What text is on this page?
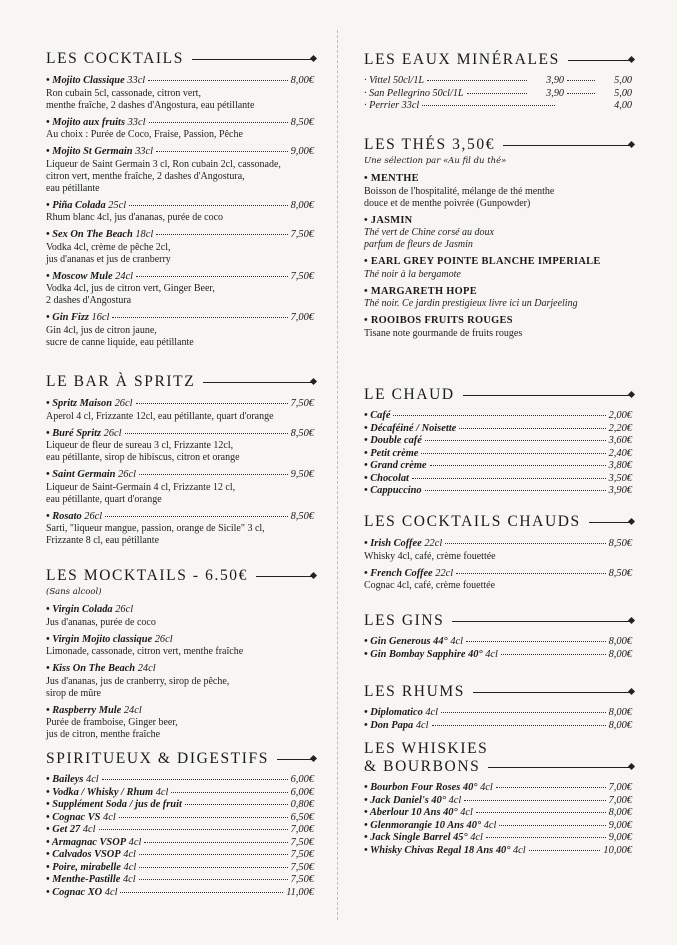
LES COCKTAILS
• Mojito Classique 33cl	8,00€
Ron cubain 5cl, cassonade, citron vert,
menthe fraîche, 2 dashes d'Angostura, eau pétillante
• Mojito aux fruits 33cl	8,50€
Au choix : Purée de Coco, Fraise, Passion, Pêche
• Mojito St Germain 33cl	9,00€
Liqueur de Saint Germain 3 cl, Ron cubain 2cl, cassonade,
citron vert, menthe fraîche, 2 dashes d'Angostura,
eau pétillante
• Piña Colada 25cl	8,00€
Rhum blanc 4cl, jus d'ananas, purée de coco
• Sex On The Beach 18cl	7,50€
Vodka 4cl, crème de pêche 2cl,
jus d'ananas et jus de cranberry
• Moscow Mule 24cl	7,50€
Vodka 4cl, jus de citron vert, Ginger Beer,
2 dashes d'Angostura
• Gin Fizz 16cl	7,00€
Gin 4cl, jus de citron jaune,
sucre de canne liquide, eau pétillante
LE BAR À SPRITZ
• Spritz Maison 26cl	7,50€
Aperol 4 cl, Frizzante 12cl, eau pétillante, quart d'orange
• Buré Spritz 26cl	8,50€
Liqueur de fleur de sureau 3 cl, Frizzante 12cl,
eau pétillante, sirop de hibiscus, citron et orange
• Saint Germain 26cl	9,50€
Liqueur de Saint-Germain 4 cl, Frizzante 12 cl,
eau pétillante, quart d'orange
• Rosato 26cl	8,50€
Sarti, "liqueur mangue, passion, orange de Sicile" 3 cl,
Frizzante 8 cl, eau pétillante
LES MOCKTAILS - 6.50€
(Sans alcool)
• Virgin Colada 26cl
Jus d'ananas, purée de coco
• Virgin Mojito classique 26cl
Limonade, cassonade, citron vert, menthe fraîche
• Kiss On The Beach 24cl
Jus d'ananas, jus de cranberry, sirop de pêche,
sirop de mûre
• Raspberry Mule 24cl
Purée de framboise, Ginger beer,
jus de citron, menthe fraîche
SPIRITUEUX & DIGESTIFS
• Baileys 4cl	6,00€
• Vodka / Whisky / Rhum 4cl	6,00€
• Supplément Soda / jus de fruit	0,80€
• Cognac VS 4cl	6,50€
• Get 27 4cl	7,00€
• Armagnac VSOP 4cl	7,50€
• Calvados VSOP 4cl	7,50€
• Poire, mirabelle 4cl	7,50€
• Menthe-Pastille 4cl	7,50€
• Cognac XO 4cl	11,00€
LES EAUX MINÉRALES
· Vittel 50cl/1L	3,90	5,00
· San Pellegrino 50cl/1L	3,90	5,00
· Perrier 33cl	4,00
LES THÉS 3,50€
Une sélection par «Au fil du thé»
• MENTHE
Boisson de l'hospitalité, mélange de thé menthe
douce et de menthe poivrée (Gunpowder)
• JASMIN
Thé vert de Chine corsé au doux
parfum de fleurs de Jasmin
• EARL GREY POINTE BLANCHE IMPERIALE
Thé noir à la bergamote
• MARGARETH HOPE
Thé noir. Ce jardin prestigieux livre ici un Darjeeling
• ROOIBOS FRUITS ROUGES
Tisane note gourmande de fruits rouges
LE CHAUD
• Café	2,00€
• Décaféiné / Noisette	2,20€
• Double café	3,60€
• Petit crème	2,40€
• Grand crème	3,80€
• Chocolat	3,50€
• Cappuccino	3,90€
LES COCKTAILS CHAUDS
• Irish Coffee 22cl	8,50€
Whisky 4cl, café, crème fouettée
• French Coffee 22cl	8,50€
Cognac 4cl, café, crème fouettée
LES GINS
• Gin Generous 44° 4cl	8,00€
• Gin Bombay Sapphire 40° 4cl	8,00€
LES RHUMS
• Diplomatico 4cl	8,00€
• Don Papa 4cl	8,00€
LES WHISKIES
& BOURBONS
• Bourbon Four Roses 40° 4cl	7,00€
• Jack Daniel's 40° 4cl	7,00€
• Aberlour 10 Ans 40° 4cl	8,00€
• Glenmorangie 10 Ans 40° 4cl	9,00€
• Jack Single Barrel 45° 4cl	9,00€
• Whisky Chivas Regal 18 Ans 40° 4cl	10,00€
